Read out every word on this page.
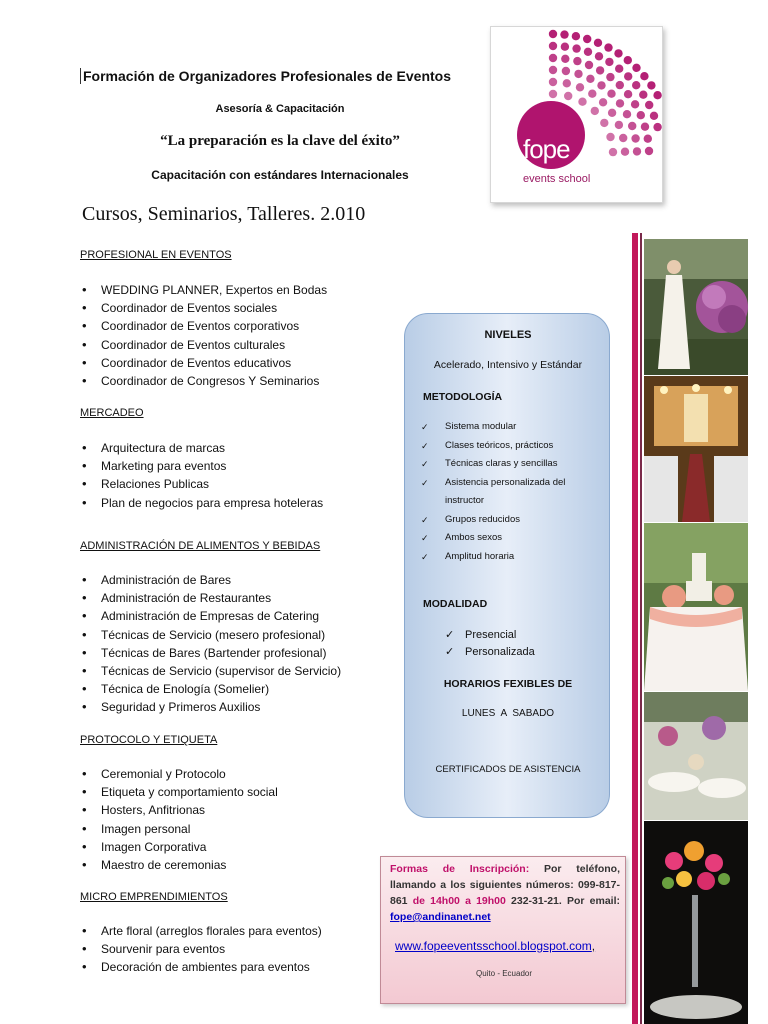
Formación de Organizadores Profesionales de Eventos
Asesoría & Capacitación
“La preparación es la clave del éxito”
Capacitación con estándares Internacionales
Cursos, Seminarios, Talleres. 2.010
fope
events school
PROFESIONAL EN EVENTOS
• WEDDING PLANNER, Expertos en Bodas
• Coordinador de Eventos sociales
• Coordinador de Eventos corporativos
• Coordinador de Eventos culturales
• Coordinador de Eventos educativos
• Coordinador de Congresos Y Seminarios
MERCADEO
• Arquitectura de marcas
• Marketing para eventos
• Relaciones Publicas
• Plan de negocios para empresa hoteleras
ADMINISTRACIÓN DE ALIMENTOS Y BEBIDAS
• Administración de Bares
• Administración de Restaurantes
• Administración de Empresas de Catering
• Técnicas de Servicio (mesero profesional)
• Técnicas de Bares (Bartender profesional)
• Técnicas de Servicio (supervisor de Servicio)
• Técnica de Enología (Somelier)
• Seguridad y Primeros Auxilios
PROTOCOLO Y ETIQUETA
• Ceremonial y Protocolo
• Etiqueta y comportamiento social
• Hosters, Anfitrionas
• Imagen personal
• Imagen Corporativa
• Maestro de ceremonias
MICRO EMPRENDIMIENTOS
• Arte floral (arreglos florales para eventos)
• Sourvenir para eventos
• Decoración de ambientes para eventos
NIVELES
Acelerado, Intensivo y Estándar
METODOLOGÍA
✓ Sistema modular
✓ Clases teóricos, prácticos
✓ Técnicas claras y sencillas
✓ Asistencia personalizada del instructor
✓ Grupos reducidos
✓ Ambos sexos
✓ Amplitud horaria
MODALIDAD
✓ Presencial
✓ Personalizada
HORARIOS FEXIBLES DE
LUNES A SABADO
CERTIFICADOS DE ASISTENCIA
Formas de Inscripción: Por teléfono, llamando a los siguientes números: 099-817-861 de 14h00 a 19h00 232-31-21. Por email: fope@andinanet.net
www.fopeeventsschool.blogspot.com,
Quito - Ecuador
